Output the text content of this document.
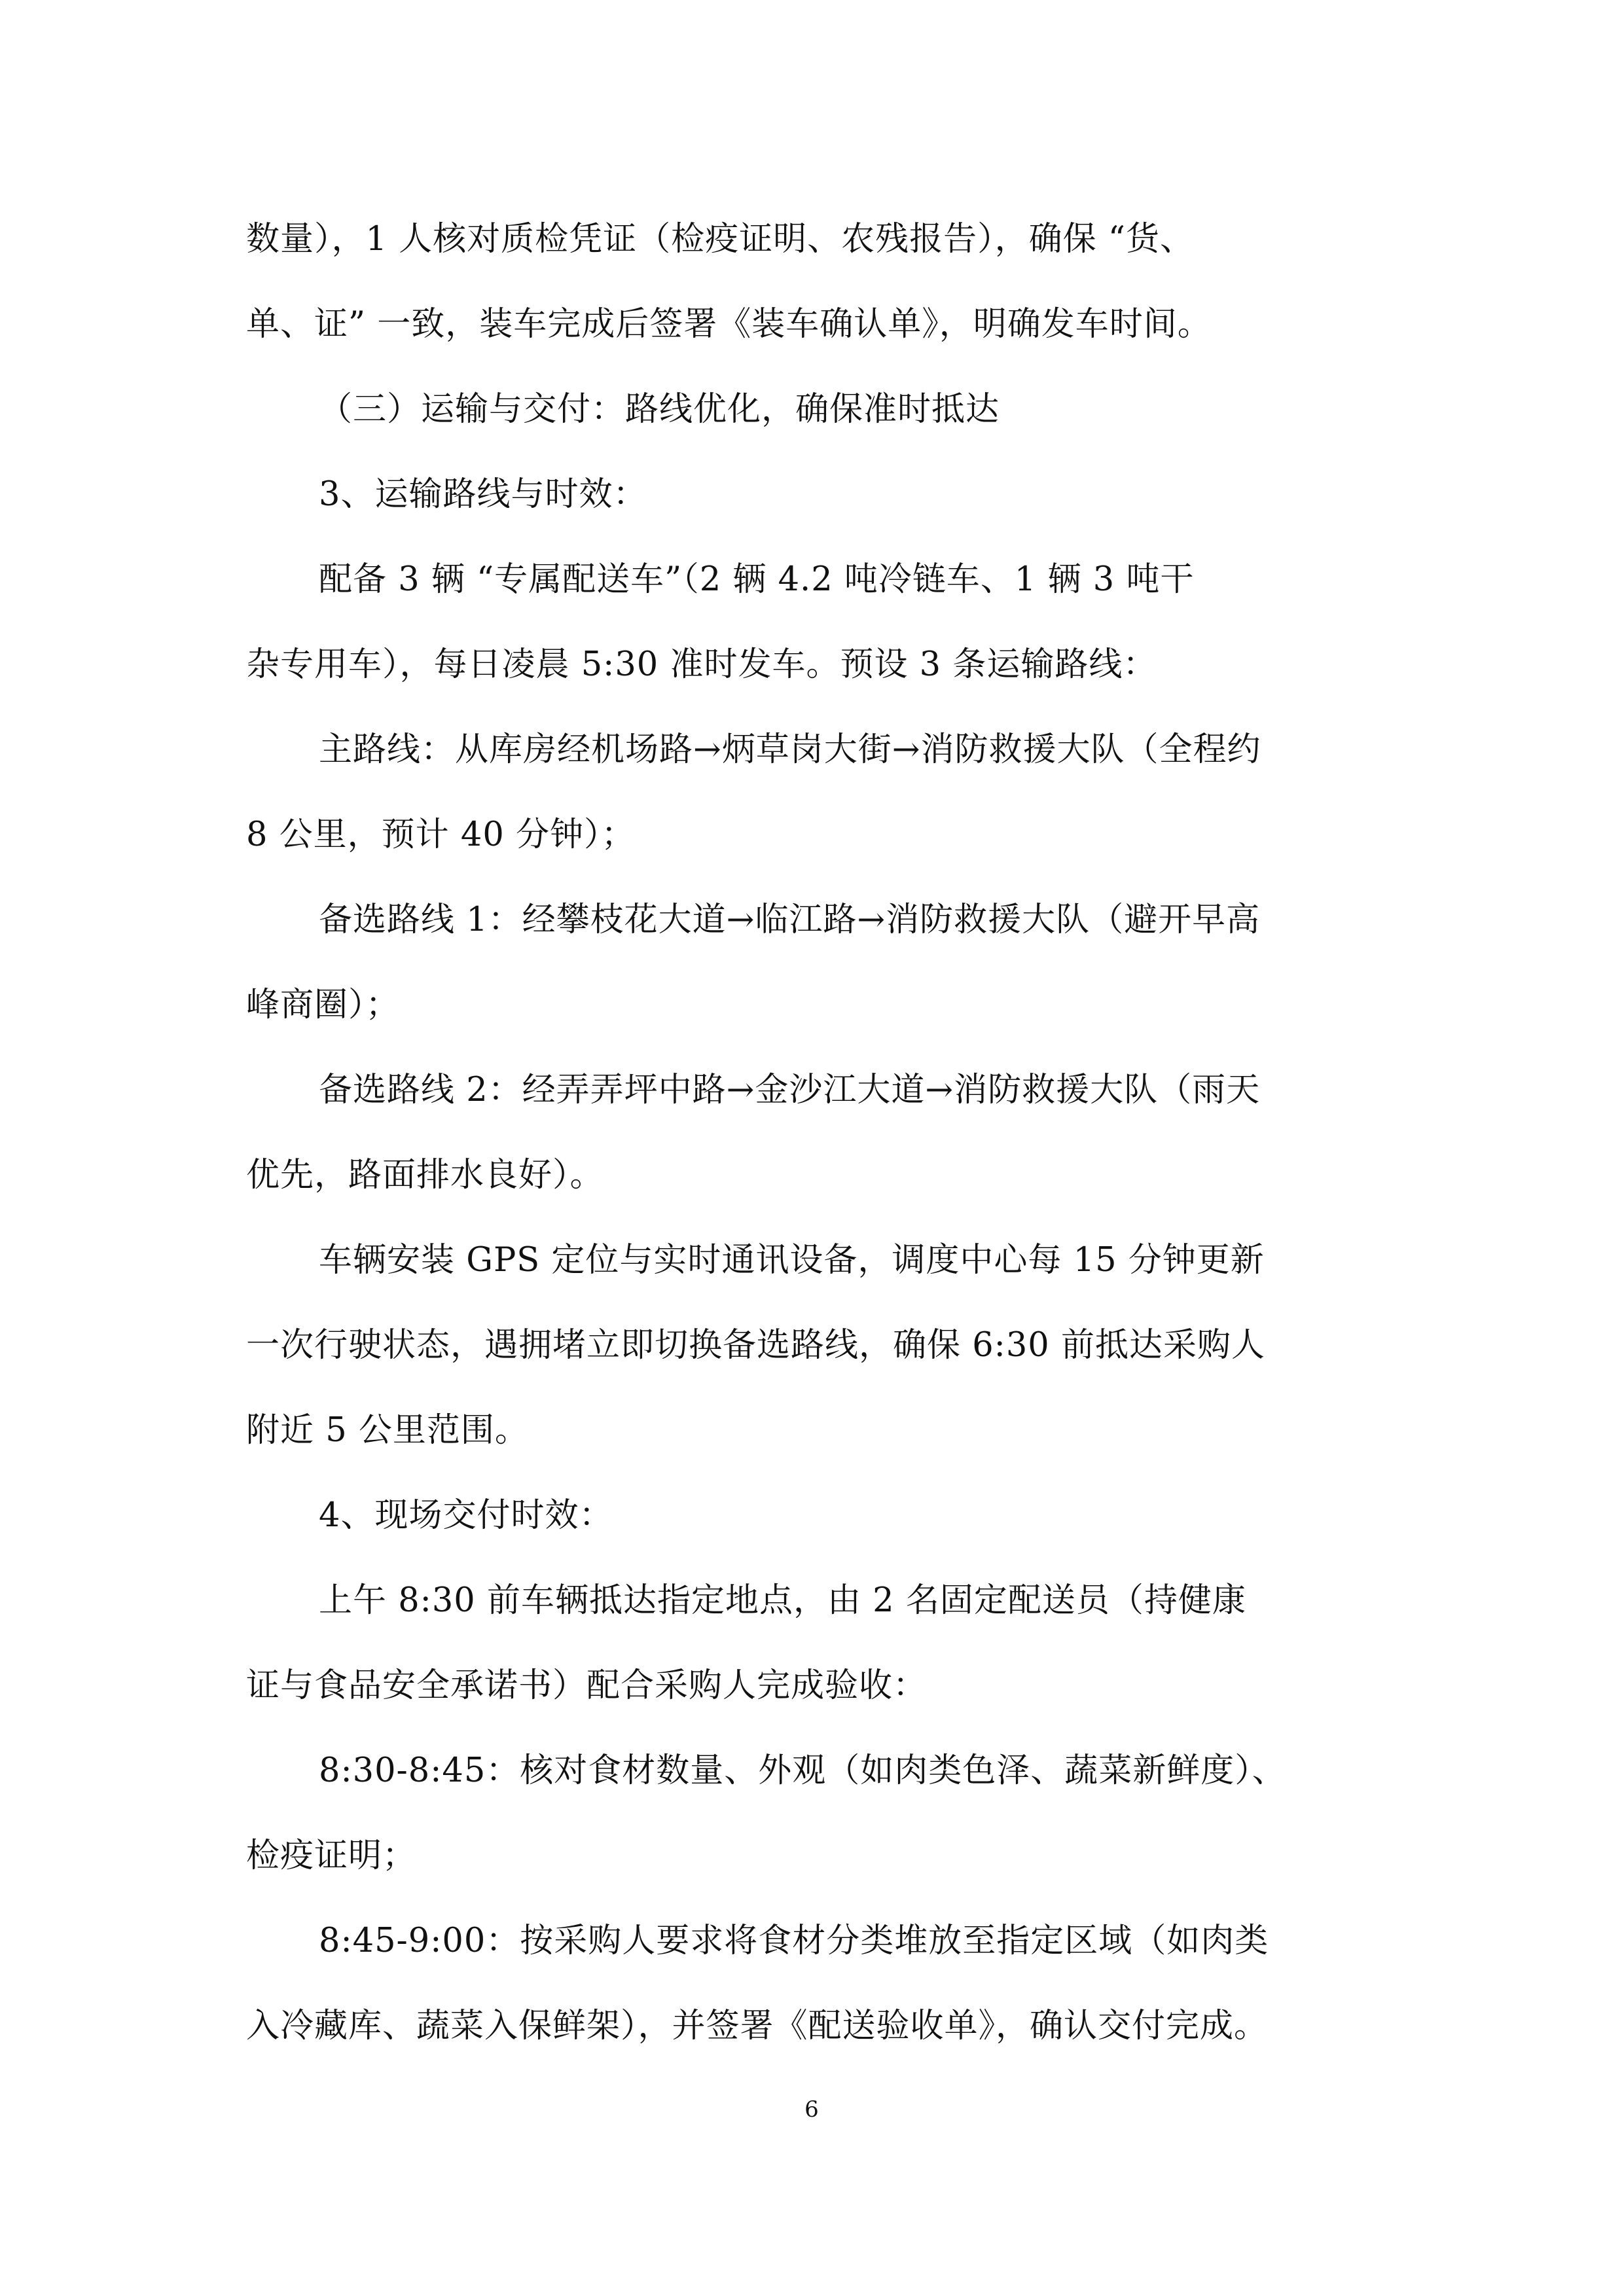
数量），1 人核对质检凭证（检疫证明、农残报告），确保 “货、
单、证” 一致，装车完成后签署《装车确认单》，明确发车时间。
（三）运输与交付：路线优化，确保准时抵达
3、运输路线与时效：
配备 3 辆 “专属配送车”（2 辆 4.2 吨冷链车、1 辆 3 吨干
杂专用车），每日凌晨 5:30 准时发车。预设 3 条运输路线：
主路线：从库房经机场路→炳草岗大街→消防救援大队（全程约
8 公里，预计 40 分钟）；
备选路线 1：经攀枝花大道→临江路→消防救援大队（避开早高
峰商圈）；
备选路线 2：经弄弄坪中路→金沙江大道→消防救援大队（雨天
优先，路面排水良好）。
车辆安装 GPS 定位与实时通讯设备，调度中心每 15 分钟更新
一次行驶状态，遇拥堵立即切换备选路线，确保 6:30 前抵达采购人
附近 5 公里范围。
4、现场交付时效：
上午 8:30 前车辆抵达指定地点，由 2 名固定配送员（持健康
证与食品安全承诺书）配合采购人完成验收：
8:30-8:45：核对食材数量、外观（如肉类色泽、蔬菜新鲜度）、
检疫证明；
8:45-9:00：按采购人要求将食材分类堆放至指定区域（如肉类
入冷藏库、蔬菜入保鲜架），并签署《配送验收单》，确认交付完成。
6
